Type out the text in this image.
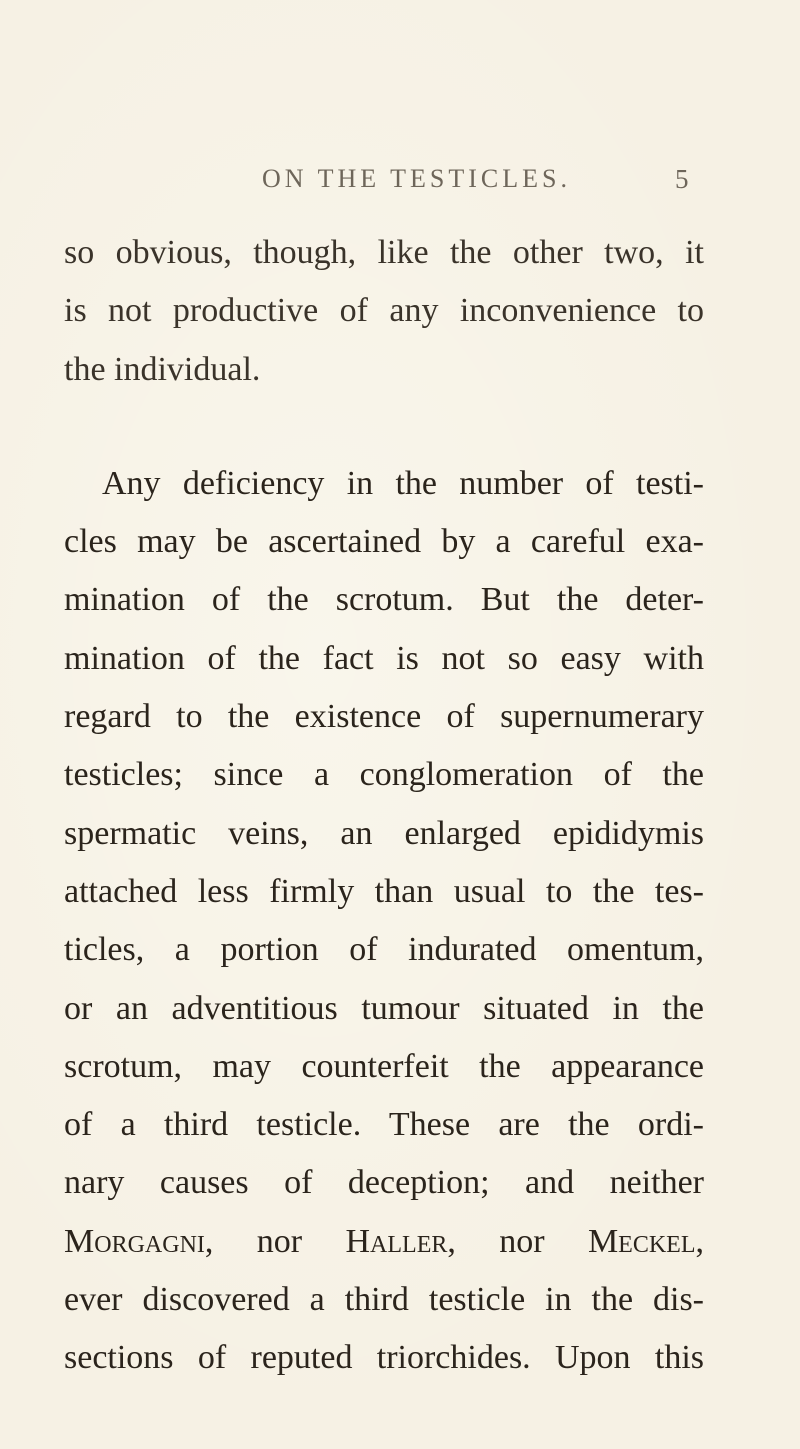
ON THE TESTICLES.	5
so obvious, though, like the other two, it
is not productive of any inconvenience to
the individual.
Any deficiency in the number of testi-
cles may be ascertained by a careful exa-
mination of the scrotum. But the deter-
mination of the fact is not so easy with
regard to the existence of supernumerary
testicles; since a conglomeration of the
spermatic veins, an enlarged epididymis
attached less firmly than usual to the tes-
ticles, a portion of indurated omentum,
or an adventitious tumour situated in the
scrotum, may counterfeit the appearance
of a third testicle. These are the ordi-
nary causes of deception; and neither
Morgagni, nor Haller, nor Meckel,
ever discovered a third testicle in the dis-
sections of reputed triorchides. Upon this
